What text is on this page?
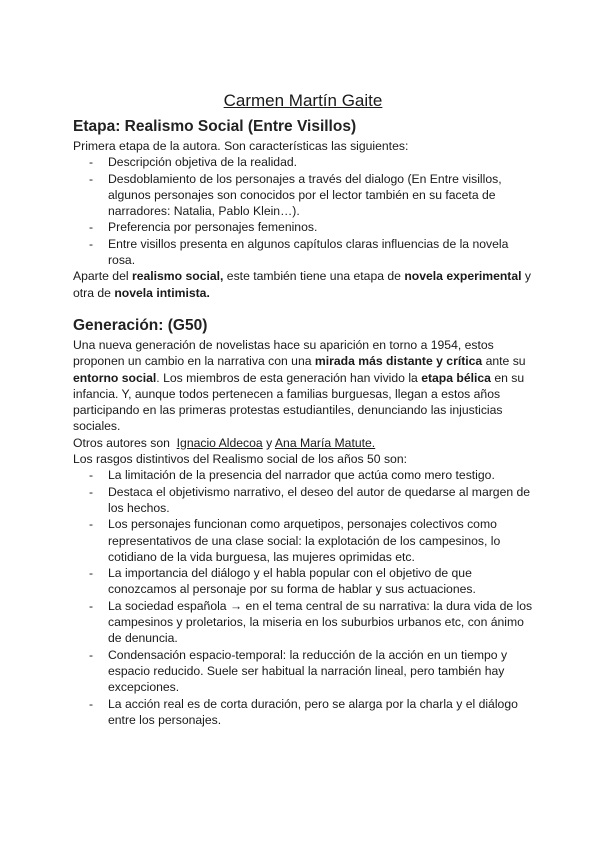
Carmen Martín Gaite
Etapa: Realismo Social (Entre Visillos)

Primera etapa de la autora. Son características las siguientes:

- Descripción objetiva de la realidad.
- Desdoblamiento de los personajes a través del dialogo (En Entre visillos, algunos personajes son conocidos por el lector también en su faceta de narradores: Natalia, Pablo Klein…).
- Preferencia por personajes femeninos.
- Entre visillos presenta en algunos capítulos claras influencias de la novela rosa.

Aparte del realismo social, este también tiene una etapa de novela experimental y otra de novela intimista.

Generación: (G50)

Una nueva generación de novelistas hace su aparición en torno a 1954, estos proponen un cambio en la narrativa con una mirada más distante y crítica ante su entorno social. Los miembros de esta generación han vivido la etapa bélica en su infancia. Y, aunque todos pertenecen a familias burguesas, llegan a estos años participando en las primeras protestas estudiantiles, denunciando las injusticias sociales.

Otros autores son  Ignacio Aldecoa y Ana María Matute.

Los rasgos distintivos del Realismo social de los años 50 son:

- La limitación de la presencia del narrador que actúa como mero testigo.
- Destaca el objetivismo narrativo, el deseo del autor de quedarse al margen de los hechos.
- Los personajes funcionan como arquetipos, personajes colectivos como representativos de una clase social: la explotación de los campesinos, lo cotidiano de la vida burguesa, las mujeres oprimidas etc.
- La importancia del diálogo y el habla popular con el objetivo de que conozcamos al personaje por su forma de hablar y sus actuaciones.
- La sociedad española → en el tema central de su narrativa: la dura vida de los campesinos y proletarios, la miseria en los suburbios urbanos etc, con ánimo de denuncia.
- Condensación espacio-temporal: la reducción de la acción en un tiempo y espacio reducido. Suele ser habitual la narración lineal, pero también hay excepciones.
- La acción real es de corta duración, pero se alarga por la charla y el diálogo entre los personajes.
